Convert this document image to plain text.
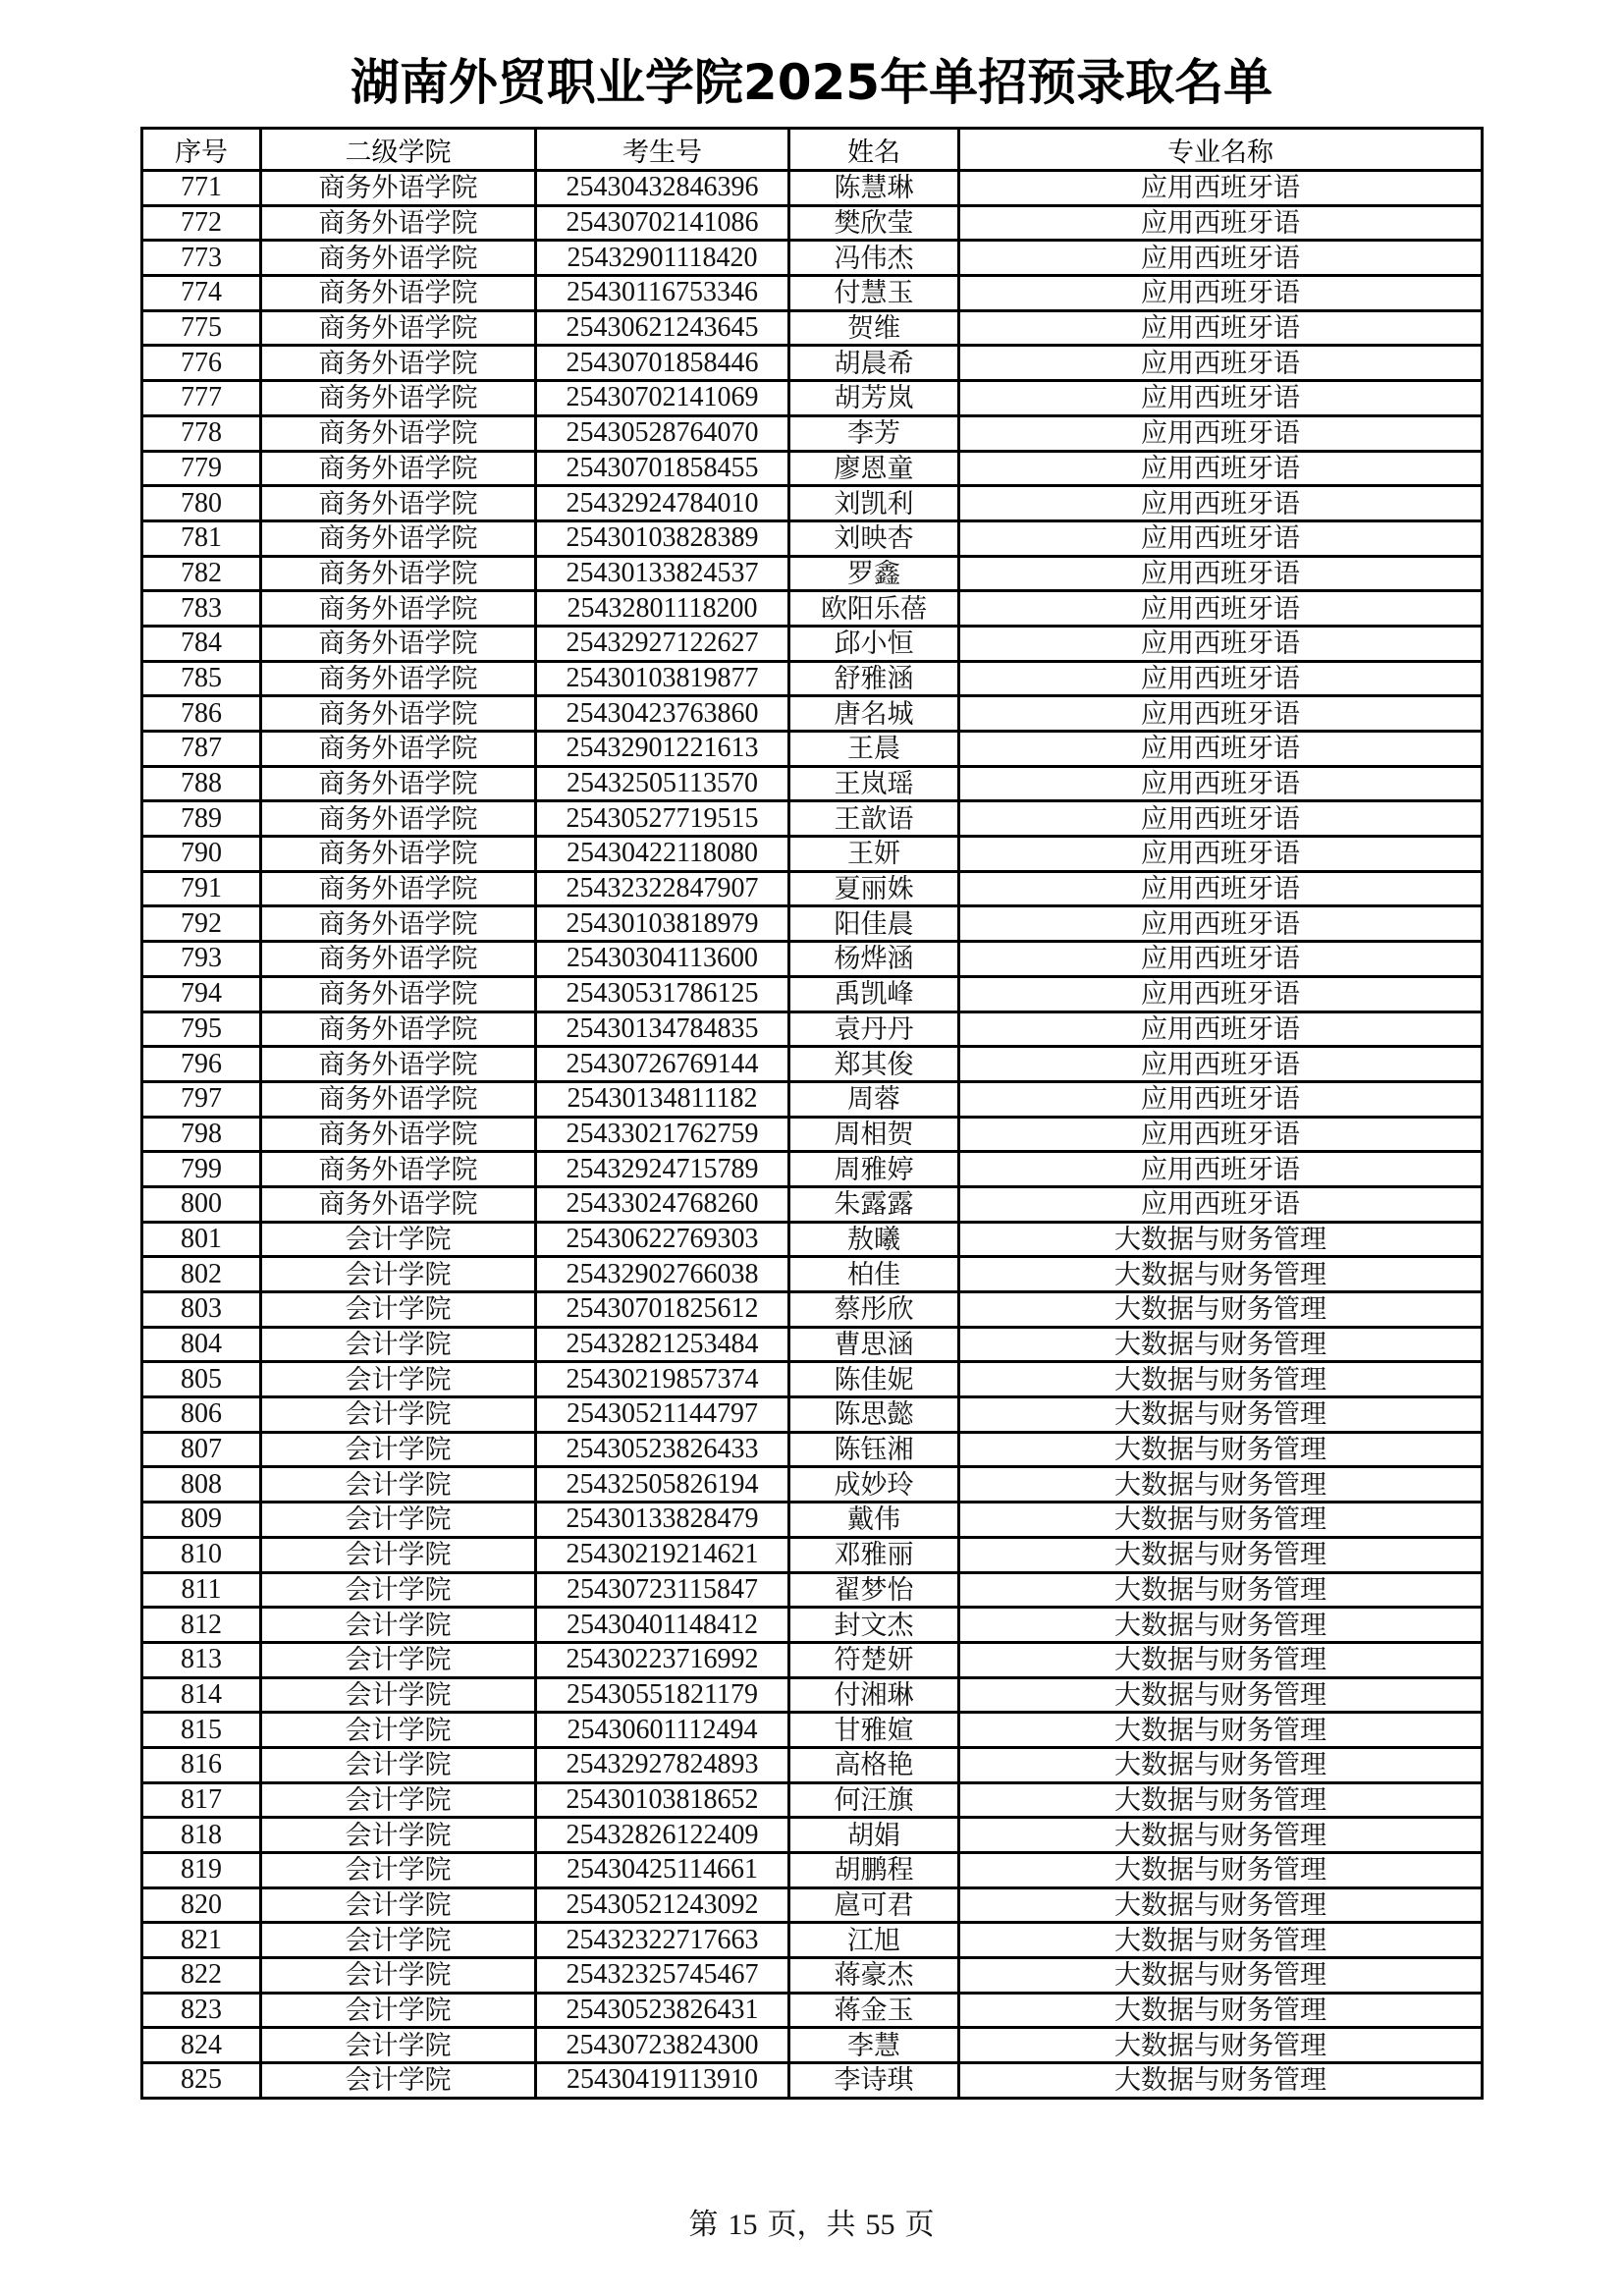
湖南外贸职业学院2025年单招预录取名单
序号	二级学院	考生号	姓名	专业名称
771	商务外语学院	25430432846396	陈慧琳	应用西班牙语
772	商务外语学院	25430702141086	樊欣莹	应用西班牙语
773	商务外语学院	25432901118420	冯伟杰	应用西班牙语
774	商务外语学院	25430116753346	付慧玉	应用西班牙语
775	商务外语学院	25430621243645	贺维	应用西班牙语
776	商务外语学院	25430701858446	胡晨希	应用西班牙语
777	商务外语学院	25430702141069	胡芳岚	应用西班牙语
778	商务外语学院	25430528764070	李芳	应用西班牙语
779	商务外语学院	25430701858455	廖恩童	应用西班牙语
780	商务外语学院	25432924784010	刘凯利	应用西班牙语
781	商务外语学院	25430103828389	刘映杏	应用西班牙语
782	商务外语学院	25430133824537	罗鑫	应用西班牙语
783	商务外语学院	25432801118200	欧阳乐蓓	应用西班牙语
784	商务外语学院	25432927122627	邱小恒	应用西班牙语
785	商务外语学院	25430103819877	舒雅涵	应用西班牙语
786	商务外语学院	25430423763860	唐名城	应用西班牙语
787	商务外语学院	25432901221613	王晨	应用西班牙语
788	商务外语学院	25432505113570	王岚瑶	应用西班牙语
789	商务外语学院	25430527719515	王歆语	应用西班牙语
790	商务外语学院	25430422118080	王妍	应用西班牙语
791	商务外语学院	25432322847907	夏丽姝	应用西班牙语
792	商务外语学院	25430103818979	阳佳晨	应用西班牙语
793	商务外语学院	25430304113600	杨烨涵	应用西班牙语
794	商务外语学院	25430531786125	禹凯峰	应用西班牙语
795	商务外语学院	25430134784835	袁丹丹	应用西班牙语
796	商务外语学院	25430726769144	郑其俊	应用西班牙语
797	商务外语学院	25430134811182	周蓉	应用西班牙语
798	商务外语学院	25433021762759	周相贺	应用西班牙语
799	商务外语学院	25432924715789	周雅婷	应用西班牙语
800	商务外语学院	25433024768260	朱露露	应用西班牙语
801	会计学院	25430622769303	敖曦	大数据与财务管理
802	会计学院	25432902766038	柏佳	大数据与财务管理
803	会计学院	25430701825612	蔡彤欣	大数据与财务管理
804	会计学院	25432821253484	曹思涵	大数据与财务管理
805	会计学院	25430219857374	陈佳妮	大数据与财务管理
806	会计学院	25430521144797	陈思懿	大数据与财务管理
807	会计学院	25430523826433	陈钰湘	大数据与财务管理
808	会计学院	25432505826194	成妙玲	大数据与财务管理
809	会计学院	25430133828479	戴伟	大数据与财务管理
810	会计学院	25430219214621	邓雅丽	大数据与财务管理
811	会计学院	25430723115847	翟梦怡	大数据与财务管理
812	会计学院	25430401148412	封文杰	大数据与财务管理
813	会计学院	25430223716992	符楚妍	大数据与财务管理
814	会计学院	25430551821179	付湘琳	大数据与财务管理
815	会计学院	25430601112494	甘雅媗	大数据与财务管理
816	会计学院	25432927824893	高格艳	大数据与财务管理
817	会计学院	25430103818652	何汪旗	大数据与财务管理
818	会计学院	25432826122409	胡娟	大数据与财务管理
819	会计学院	25430425114661	胡鹏程	大数据与财务管理
820	会计学院	25430521243092	扈可君	大数据与财务管理
821	会计学院	25432322717663	江旭	大数据与财务管理
822	会计学院	25432325745467	蒋豪杰	大数据与财务管理
823	会计学院	25430523826431	蒋金玉	大数据与财务管理
824	会计学院	25430723824300	李慧	大数据与财务管理
825	会计学院	25430419113910	李诗琪	大数据与财务管理
第 15 页，共 55 页
